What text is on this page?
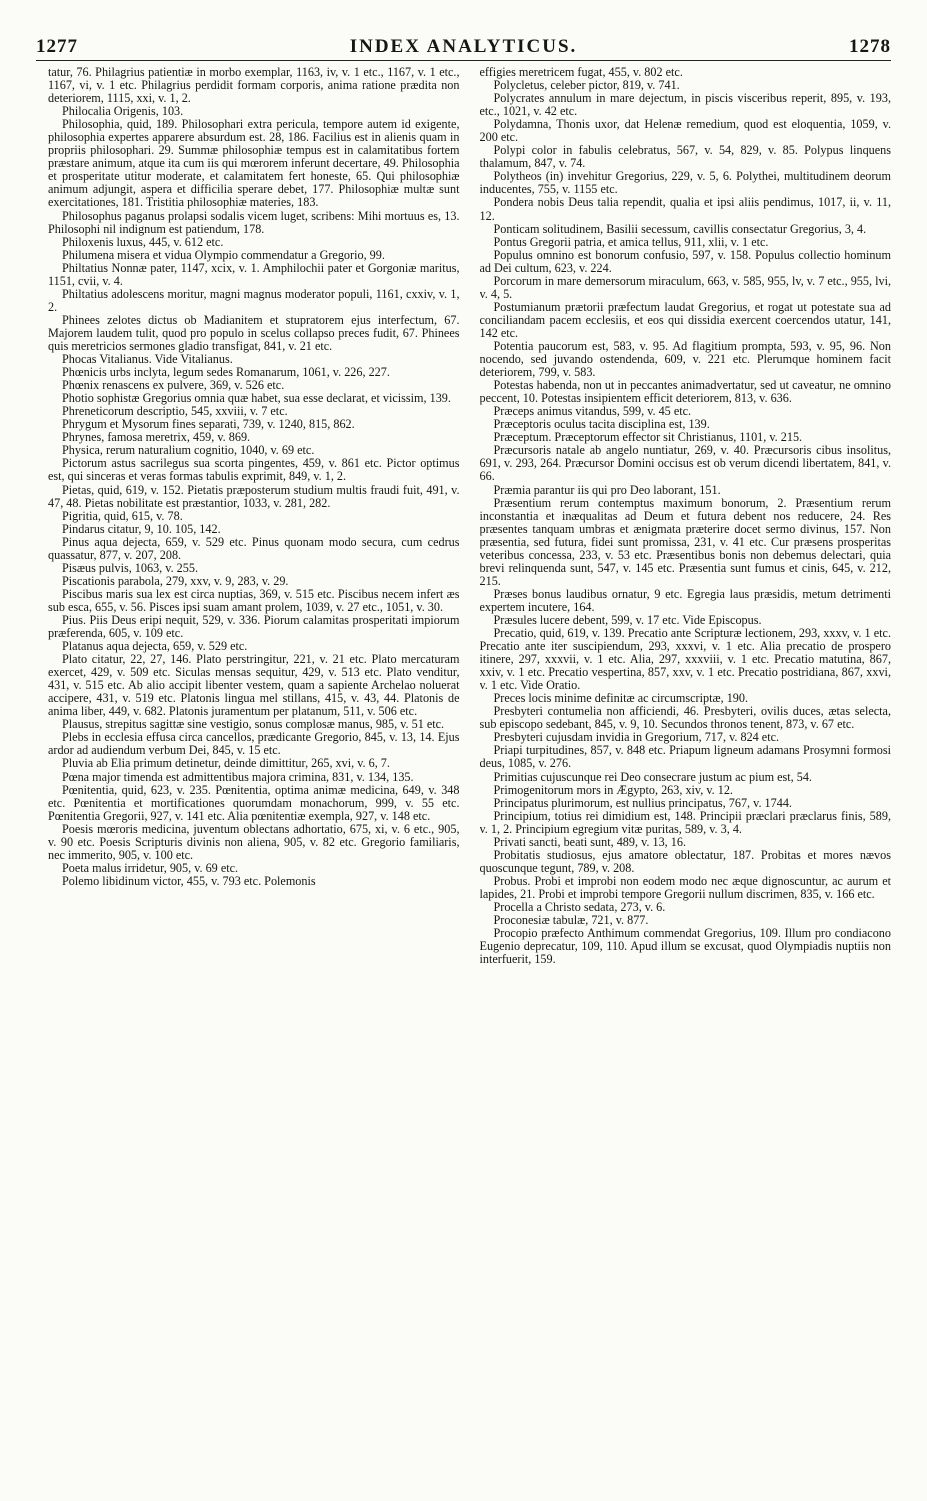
1277	INDEX ANALYTICUS.	1278

tatur, 76. Philagrius patientiæ in morbo exemplar, 1163, iv, v. 1 etc., 1167, v. 1 etc., 1167, vi, v. 1 etc. Philagrius perdidit formam corporis, anima ratione prædita non deteriorem, 1115, xxi, v. 1, 2.

Philocalia Origenis, 103.

Philosophia, quid, 189. Philosophari extra pericula, tempore autem id exigente, philosophia expertes apparere absurdum est. 28, 186. Facilius est in alienis quam in propriis philosophari. 29. Summæ philosophiæ tempus est in calamitatibus fortem præstare animum, atque ita cum iis qui mœrorem inferunt decertare, 49. Philosophia et prosperitate utitur moderate, et calamitatem fert honeste, 65. Qui philosophiæ animum adjungit, aspera et difficilia sperare debet, 177. Philosophiæ multæ sunt exercitationes, 181. Tristitia philosophiæ materies, 183.

Philosophus paganus prolapsi sodalis vicem luget, scribens: Mihi mortuus es, 13. Philosophi nil indignum est patiendum, 178.

Philoxenis luxus, 445, v. 612 etc.

Philumena misera et vidua Olympio commendatur a Gregorio, 99.

Philtatius Nonnæ pater, 1147, xcix, v. 1. Amphilochii pater et Gorgoniæ maritus, 1151, cvii, v. 4.

Philtatius adolescens moritur, magni magnus moderator populi, 1161, cxxiv, v. 1, 2.

Phinees zelotes dictus ob Madianitem et stupratorem ejus interfectum, 67. Majorem laudem tulit, quod pro populo in scelus collapso preces fudit, 67. Phinees quis meretricios sermones gladio transfigat, 841, v. 21 etc.

Phocas Vitalianus. Vide Vitalianus.

Phœnicis urbs inclyta, legum sedes Romanarum, 1061, v. 226, 227.

Phœnix renascens ex pulvere, 369, v. 526 etc.

Photio sophistæ Gregorius omnia quæ habet, sua esse declarat, et vicissim, 139.

Phreneticorum descriptio, 545, xxviii, v. 7 etc.

Phrygum et Mysorum fines separati, 739, v. 1240, 815, 862.

Phrynes, famosa meretrix, 459, v. 869.

Physica, rerum naturalium cognitio, 1040, v. 69 etc.

Pictorum astus sacrilegus sua scorta pingentes, 459, v. 861 etc. Pictor optimus est, qui sinceras et veras formas tabulis exprimit, 849, v. 1, 2.

Pietas, quid, 619, v. 152. Pietatis præposterum studium multis fraudi fuit, 491, v. 47, 48. Pietas nobilitate est præstantior, 1033, v. 281, 282.

Pigritia, quid, 615, v. 78.

Pindarus citatur, 9, 10. 105, 142.

Pinus aqua dejecta, 659, v. 529 etc. Pinus quonam modo secura, cum cedrus quassatur, 877, v. 207, 208.

Pisæus pulvis, 1063, v. 255.

Piscationis parabola, 279, xxv, v. 9, 283, v. 29.

Piscibus maris sua lex est circa nuptias, 369, v. 515 etc. Piscibus necem infert æs sub esca, 655, v. 56. Pisces ipsi suam amant prolem, 1039, v. 27 etc., 1051, v. 30.

Pius. Piis Deus eripi nequit, 529, v. 336. Piorum calamitas prosperitati impiorum præferenda, 605, v. 109 etc.

Platanus aqua dejecta, 659, v. 529 etc.

Plato citatur, 22, 27, 146. Plato perstringitur, 221, v. 21 etc. Plato mercaturam exercet, 429, v. 509 etc. Siculas mensas sequitur, 429, v. 513 etc. Plato venditur, 431, v. 515 etc. Ab alio accipit libenter vestem, quam a sapiente Archelao noluerat accipere, 431, v. 519 etc. Platonis lingua mel stillans, 415, v. 43, 44. Platonis de anima liber, 449, v. 682. Platonis juramentum per platanum, 511, v. 506 etc.

Plausus, strepitus sagittæ sine vestigio, sonus complosæ manus, 985, v. 51 etc.

Plebs in ecclesia effusa circa cancellos, prædicante Gregorio, 845, v. 13, 14. Ejus ardor ad audiendum verbum Dei, 845, v. 15 etc.

Pluvia ab Elia primum detinetur, deinde dimittitur, 265, xvi, v. 6, 7.

Pœna major timenda est admittentibus majora crimina, 831, v. 134, 135.

Pœnitentia, quid, 623, v. 235. Pœnitentia, optima animæ medicina, 649, v. 348 etc. Pœnitentia et mortificationes quorumdam monachorum, 999, v. 55 etc. Pœnitentia Gregorii, 927, v. 141 etc. Alia pœnitentiæ exempla, 927, v. 148 etc.

Poesis mœroris medicina, juventum oblectans adhortatio, 675, xi, v. 6 etc., 905, v. 90 etc. Poesis Scripturis divinis non aliena, 905, v. 82 etc. Gregorio familiaris, nec immerito, 905, v. 100 etc.

Poeta malus irridetur, 905, v. 69 etc.

Polemo libidinum victor, 455, v. 793 etc. Polemonis

effigies meretricem fugat, 455, v. 802 etc.

Polycletus, celeber pictor, 819, v. 741.

Polycrates annulum in mare dejectum, in piscis visceribus reperit, 895, v. 193, etc., 1021, v. 42 etc.

Polydamna, Thonis uxor, dat Helenæ remedium, quod est eloquentia, 1059, v. 200 etc.

Polypi color in fabulis celebratus, 567, v. 54, 829, v. 85. Polypus linquens thalamum, 847, v. 74.

Polytheos (in) invehitur Gregorius, 229, v. 5, 6. Polythei, multitudinem deorum inducentes, 755, v. 1155 etc.

Pondera nobis Deus talia rependit, qualia et ipsi aliis pendimus, 1017, ii, v. 11, 12.

Ponticam solitudinem, Basilii secessum, cavillis consectatur Gregorius, 3, 4.

Pontus Gregorii patria, et amica tellus, 911, xlii, v. 1 etc.

Populus omnino est bonorum confusio, 597, v. 158. Populus collectio hominum ad Dei cultum, 623, v. 224.

Porcorum in mare demersorum miraculum, 663, v. 585, 955, lv, v. 7 etc., 955, lvi, v. 4, 5.

Postumianum prætorii præfectum laudat Gregorius, et rogat ut potestate sua ad conciliandam pacem ecclesiis, et eos qui dissidia exercent coercendos utatur, 141, 142 etc.

Potentia paucorum est, 583, v. 95. Ad flagitium prompta, 593, v. 95, 96. Non nocendo, sed juvando ostendenda, 609, v. 221 etc. Plerumque hominem facit deteriorem, 799, v. 583.

Potestas habenda, non ut in peccantes animadvertatur, sed ut caveatur, ne omnino peccent, 10. Potestas insipientem efficit deteriorem, 813, v. 636.

Præceps animus vitandus, 599, v. 45 etc.

Præceptoris oculus tacita disciplina est, 139.

Præceptum. Præceptorum effector sit Christianus, 1101, v. 215.

Præcursoris natale ab angelo nuntiatur, 269, v. 40. Præcursoris cibus insolitus, 691, v. 293, 264. Præcursor Domini occisus est ob verum dicendi libertatem, 841, v. 66.

Præmia parantur iis qui pro Deo laborant, 151.

Præsentium rerum contemptus maximum bonorum, 2. Præsentium rerum inconstantia et inæqualitas ad Deum et futura debent nos reducere, 24. Res præsentes tanquam umbras et ænigmata præterire docet sermo divinus, 157. Non præsentia, sed futura, fidei sunt promissa, 231, v. 41 etc. Cur præsens prosperitas veteribus concessa, 233, v. 53 etc. Præsentibus bonis non debemus delectari, quia brevi relinquenda sunt, 547, v. 145 etc. Præsentia sunt fumus et cinis, 645, v. 212, 215.

Præses bonus laudibus ornatur, 9 etc. Egregia laus præsidis, metum detrimenti expertem incutere, 164.

Præsules lucere debent, 599, v. 17 etc. Vide Episcopus.

Precatio, quid, 619, v. 139. Precatio ante Scripturæ lectionem, 293, xxxv, v. 1 etc. Precatio ante iter suscipiendum, 293, xxxvi, v. 1 etc. Alia precatio de prospero itinere, 297, xxxvii, v. 1 etc. Alia, 297, xxxviii, v. 1 etc. Precatio matutina, 867, xxiv, v. 1 etc. Precatio vespertina, 857, xxv, v. 1 etc. Precatio postridiana, 867, xxvi, v. 1 etc. Vide Oratio.

Preces locis minime definitæ ac circumscriptæ, 190.

Presbyteri contumelia non afficiendi, 46. Presbyteri, ovilis duces, ætas selecta, sub episcopo sedebant, 845, v. 9, 10. Secundos thronos tenent, 873, v. 67 etc.

Presbyteri cujusdam invidia in Gregorium, 717, v. 824 etc.

Priapi turpitudines, 857, v. 848 etc. Priapum ligneum adamans Prosymni formosi deus, 1085, v. 276.

Primitias cujuscunque rei Deo consecrare justum ac pium est, 54.

Primogenitorum mors in Ægypto, 263, xiv, v. 12.

Principatus plurimorum, est nullius principatus, 767, v. 1744.

Principium, totius rei dimidium est, 148. Principii præclari præclarus finis, 589, v. 1, 2. Principium egregium vitæ puritas, 589, v. 3, 4.

Privati sancti, beati sunt, 489, v. 13, 16.

Probitatis studiosus, ejus amatore oblectatur, 187. Probitas et mores nævos quoscunque tegunt, 789, v. 208.

Probus. Probi et improbi non eodem modo nec æque dignoscuntur, ac aurum et lapides, 21. Probi et improbi tempore Gregorii nullum discrimen, 835, v. 166 etc.

Procella a Christo sedata, 273, v. 6.

Proconesiæ tabulæ, 721, v. 877.

Procopio præfecto Anthimum commendat Gregorius, 109. Illum pro condiacono Eugenio deprecatur, 109, 110. Apud illum se excusat, quod Olympiadis nuptiis non interfuerit, 159.
